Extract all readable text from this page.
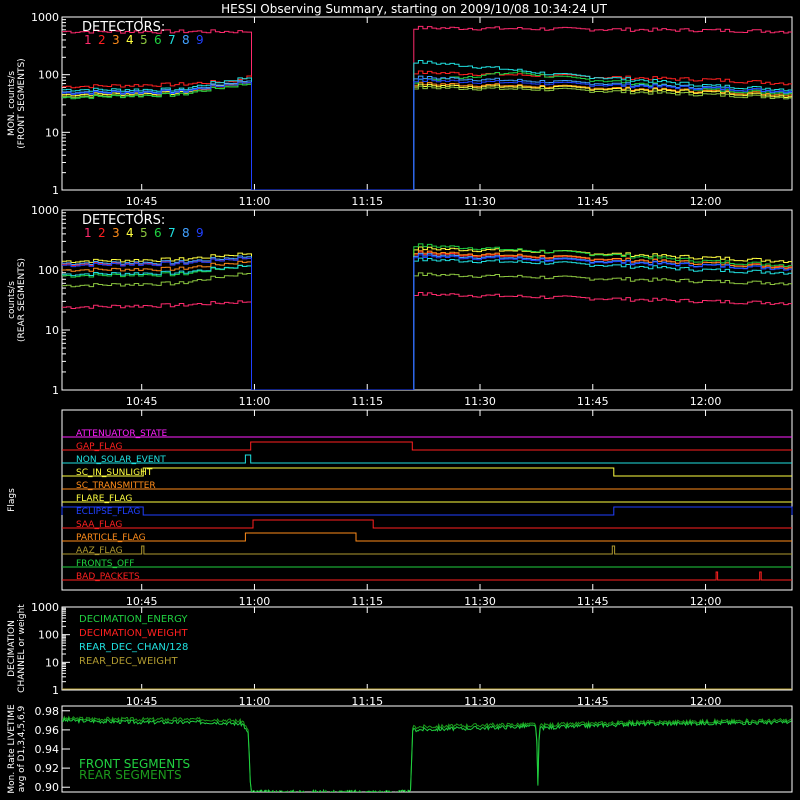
HESSI Observing Summary, starting on 2009/10/08 10:34:24 UT
10:45	11:00	11:15	11:30	11:45	12:00
MON. counts/s (FRONT SEGMENTS)
1
10
100
1000
DETECTORS:
1 2 3 4 5 6 7 8 9
10:45	11:00	11:15	11:30	11:45	12:00
counts/s (REAR SEGMENTS)
1
10
100
1000
DETECTORS:
1 2 3 4 5 6 7 8 9
10:45	11:00	11:15	11:30	11:45	12:00
Flags
ATTENUATOR_STATE
GAP_FLAG
NON_SOLAR_EVENT
SC_IN_SUNLIGHT
SC_TRANSMITTER
FLARE_FLAG
ECLIPSE_FLAG
SAA_FLAG
PARTICLE_FLAG
AAZ_FLAG
FRONTS_OFF
BAD_PACKETS
10:45	11:00	11:15	11:30	11:45	12:00
DECIMATION CHANNEL or weight 1
10
100
1000
DECIMATION_ENERGY
DECIMATION_WEIGHT
REAR_DEC_CHAN/128
REAR_DEC_WEIGHT
Mon. Rate LIVETIME avg of D1,3,4,5,6,9 0.90
0.92
0.94
0.96
0.98
FRONT SEGMENTS
REAR SEGMENTS
